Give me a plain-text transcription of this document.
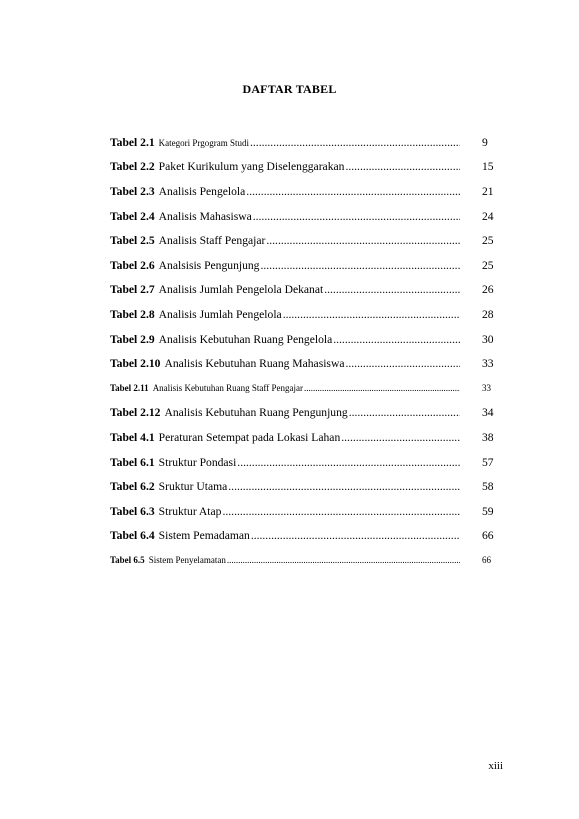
DAFTAR TABEL
Tabel 2.1 Kategori Prgogram Studi .....	9
Tabel 2.2 Paket Kurikulum yang Diselenggarakan .....	15
Tabel 2.3 Analisis Pengelola .....	21
Tabel 2.4 Analisis Mahasiswa .....	24
Tabel 2.5 Analisis Staff Pengajar .....	25
Tabel 2.6 Analsisis Pengunjung .....	25
Tabel 2.7 Analisis Jumlah Pengelola Dekanat .....	26
Tabel 2.8 Analisis Jumlah Pengelola .....	28
Tabel 2.9 Analisis Kebutuhan Ruang Pengelola .....	30
Tabel 2.10 Analisis Kebutuhan Ruang Mahasiswa .....	33
Tabel 2.11 Analisis Kebutuhan Ruang Staff Pengajar .....	33
Tabel 2.12 Analisis Kebutuhan Ruang Pengunjung .....	34
Tabel 4.1 Peraturan Setempat pada Lokasi Lahan .....	38
Tabel 6.1 Struktur Pondasi .....	57
Tabel 6.2 Sruktur Utama .....	58
Tabel 6.3 Struktur Atap .....	59
Tabel 6.4 Sistem Pemadaman .....	66
Tabel 6.5 Sistem Penyelamatan .....	66
xiii
